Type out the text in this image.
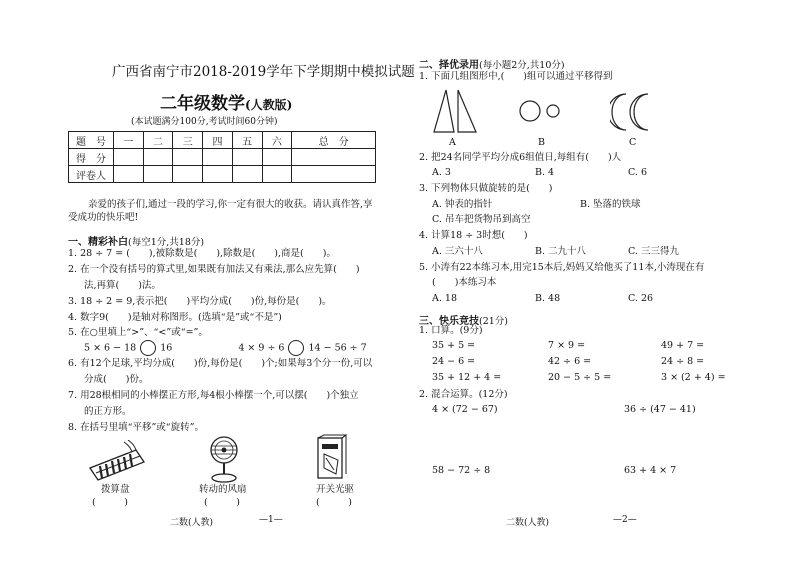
广西省南宁市2018-2019学年下学期期中模拟试题
二年级数学(人教版)
(本试题满分100分,考试时间60分钟)
题　号	一	二	三	四	五	六	总　分
得　分							
评卷人							
亲爱的孩子们,通过一段的学习,你一定有很大的收获。请认真作答,享
受成功的快乐吧!
一、精彩补白(每空1分,共18分)
1. 28 ÷ 7 = (　　),被除数是(　　),除数是(　　),商是(　　)。
2. 在一个没有括号的算式里,如果既有加法又有乘法,那么应先算(　　)
法,再算(　　)法。
3. 18 ÷ 2 = 9,表示把(　　)平均分成(　　)份,每份是(　　)。
4. 数字9(　　)是轴对称图形。(选填“是”或“不是”)
5. 在○里填上“>”、“<”或“=”。
5 × 6 − 18	16	4 × 9 ÷ 6	14 − 56 ÷ 7
6. 有12个足球,平均分成(　　)份,每份是(　　)个;如果每3个分一份,可以
分成(　　)份。
7. 用28根相同的小棒摆正方形,每4根小棒摆一个,可以摆(　　)个独立
的正方形。
8. 在括号里填“平移”或“旋转”。
拨算盘
(　　　)
转动的风扇
(　　　)
开关光驱
(　　　)
二数(人教)	—1—
二、择优录用(每小题2分,共10分)
1. 下面几组图形中,(　　)组可以通过平移得到
A	B	C
2. 把24名同学平均分成6组值日,每组有(　　)人
A. 3	B. 4	C. 6
3. 下列物体只做旋转的是(　　)
A. 钟表的指针	B. 坠落的铁球
C. 吊车把货物吊到高空
4. 计算18 ÷ 3时想(　　)
A. 三六十八	B. 二九十八	C. 三三得九
5. 小涛有22本练习本,用完15本后,妈妈又给他买了11本,小涛现在有
(　　)本练习本
A. 18	B. 48	C. 26
三、快乐竞技(21分)
1. 口算。(9分)
35 + 5 =	7 × 9 =	49 + 7 =
24 − 6 =	42 ÷ 6 =	24 ÷ 8 =
35 + 12 + 4 =	20 − 5 ÷ 5 =	3 × (2 + 4) =
2. 混合运算。(12分)
4 × (72 − 67)	36 ÷ (47 − 41)
58 − 72 ÷ 8	63 + 4 × 7
二数(人教)	—2—
